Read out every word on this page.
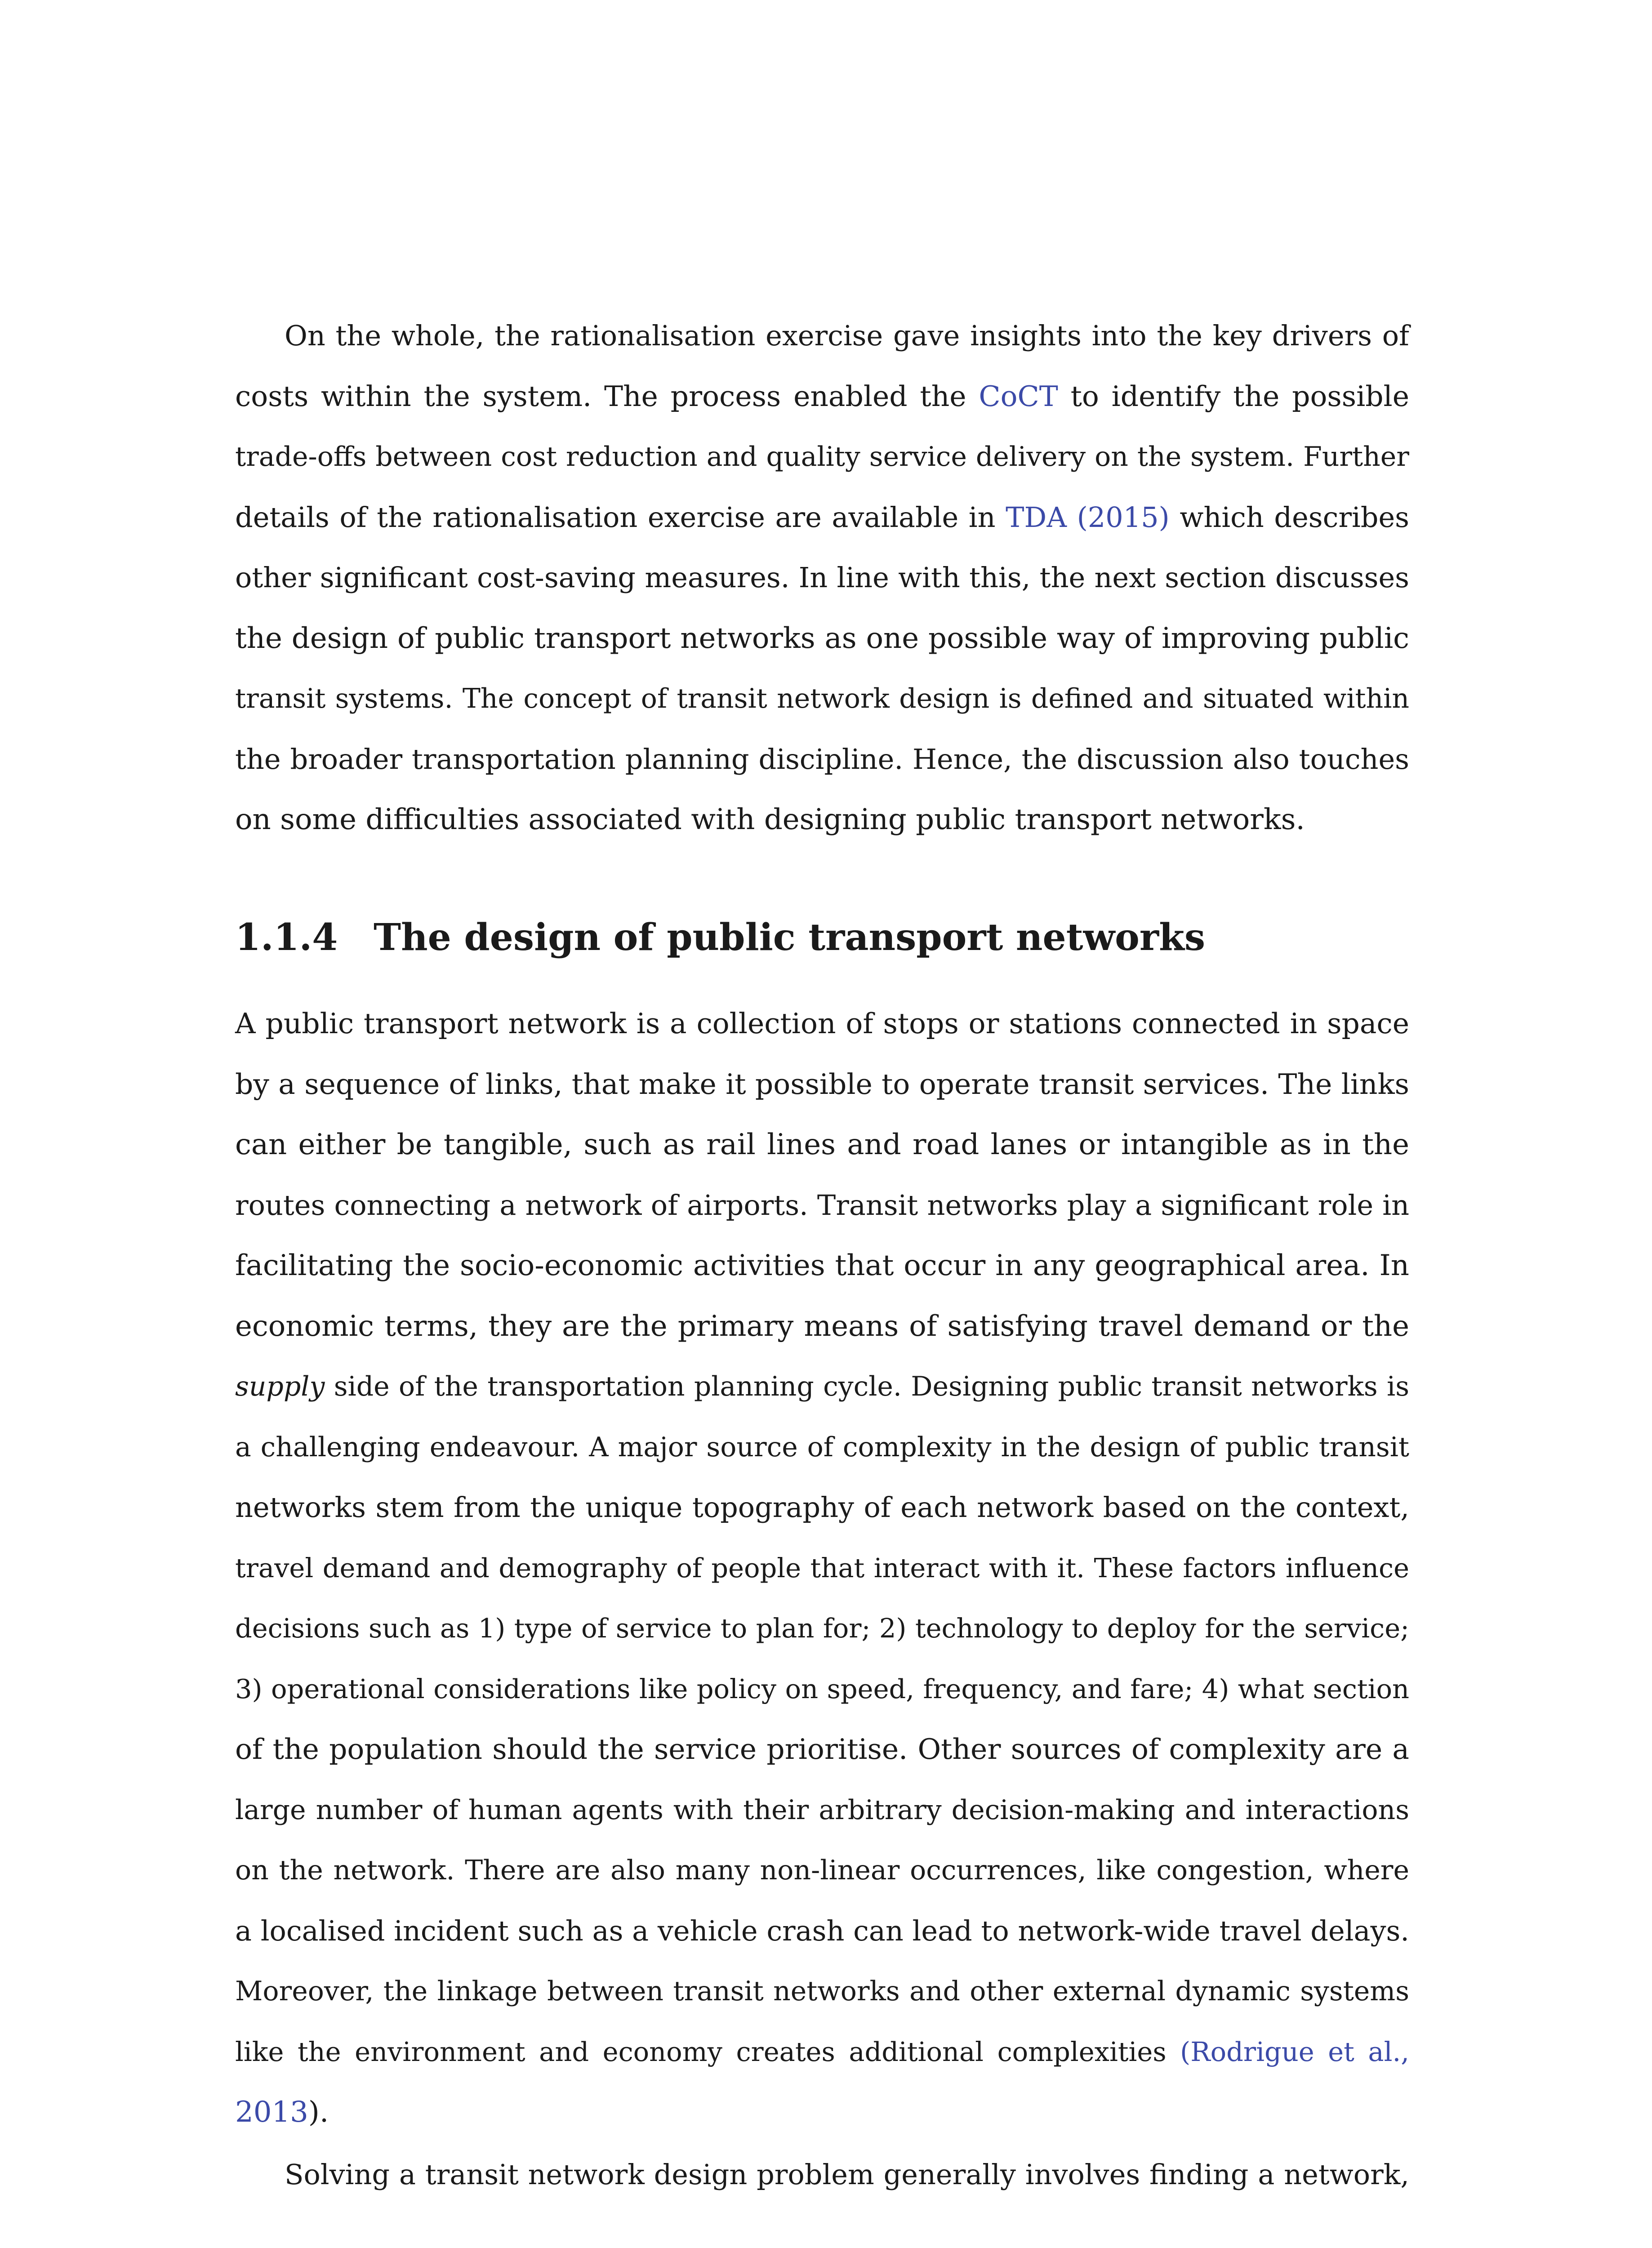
On the whole, the rationalisation exercise gave insights into the key drivers of
costs within the system. The process enabled the CoCT to identify the possible
trade-offs between cost reduction and quality service delivery on the system. Further
details of the rationalisation exercise are available in TDA (2015) which describes
other significant cost-saving measures. In line with this, the next section discusses
the design of public transport networks as one possible way of improving public
transit systems. The concept of transit network design is defined and situated within
the broader transportation planning discipline. Hence, the discussion also touches
on some difficulties associated with designing public transport networks.
1.1.4 The design of public transport networks
A public transport network is a collection of stops or stations connected in space
by a sequence of links, that make it possible to operate transit services. The links
can either be tangible, such as rail lines and road lanes or intangible as in the
routes connecting a network of airports. Transit networks play a significant role in
facilitating the socio-economic activities that occur in any geographical area. In
economic terms, they are the primary means of satisfying travel demand or the
supply side of the transportation planning cycle. Designing public transit networks is
a challenging endeavour. A major source of complexity in the design of public transit
networks stem from the unique topography of each network based on the context,
travel demand and demography of people that interact with it. These factors influence
decisions such as 1) type of service to plan for; 2) technology to deploy for the service;
3) operational considerations like policy on speed, frequency, and fare; 4) what section
of the population should the service prioritise. Other sources of complexity are a
large number of human agents with their arbitrary decision-making and interactions
on the network. There are also many non-linear occurrences, like congestion, where
a localised incident such as a vehicle crash can lead to network-wide travel delays.
Moreover, the linkage between transit networks and other external dynamic systems
like the environment and economy creates additional complexities (Rodrigue et al.,
2013).
Solving a transit network design problem generally involves finding a network,
